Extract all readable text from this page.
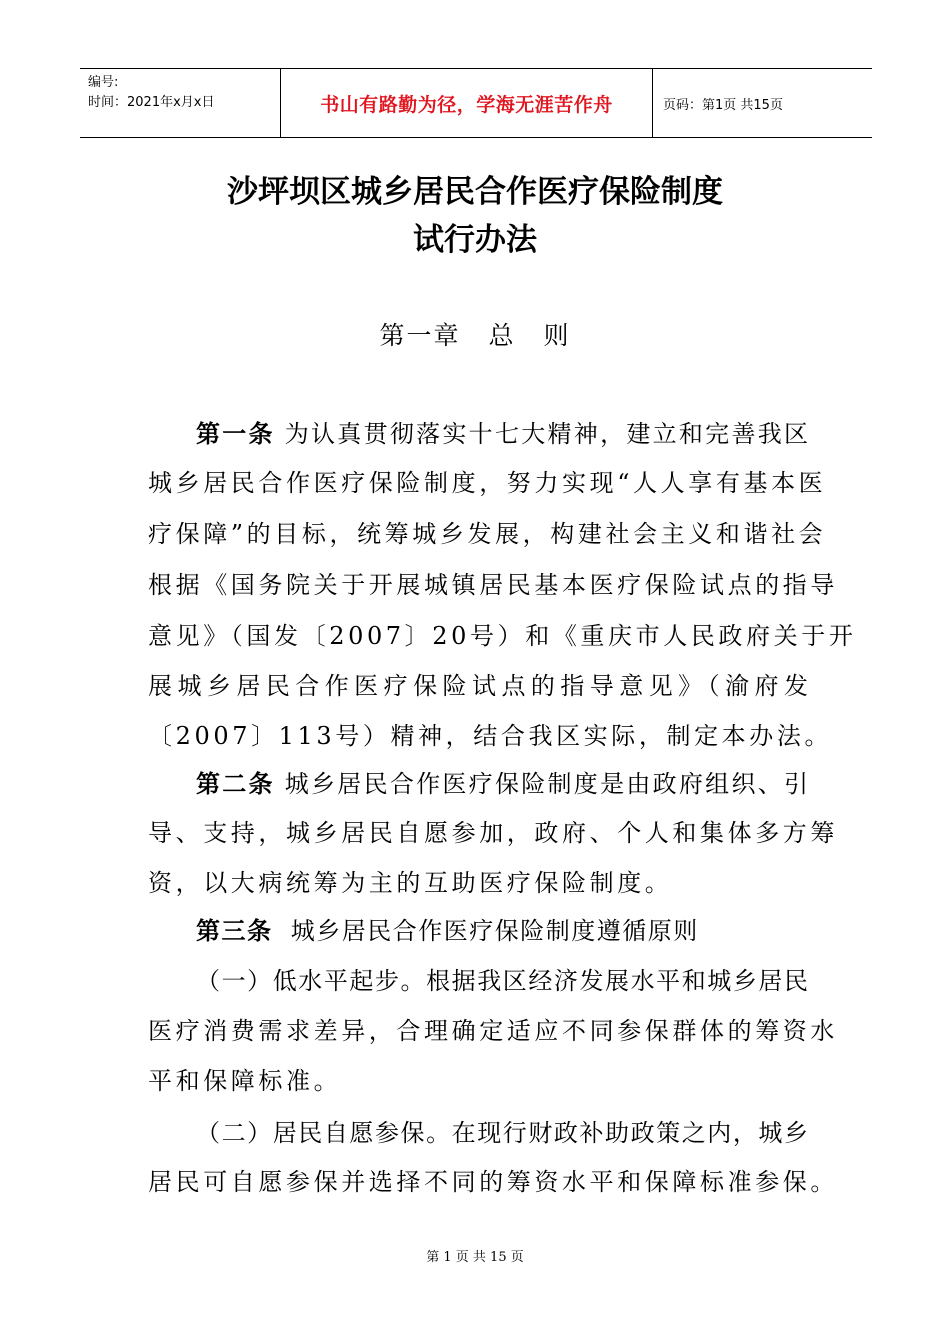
编号:
时间：2021年x月x日	书山有路勤为径，学海无涯苦作舟	页码：第1页 共15页
沙坪坝区城乡居民合作医疗保险制度
试行办法
第一章 总 则
第一条 为认真贯彻落实十七大精神，建立和完善我区
城乡居民合作医疗保险制度，努力实现“人人享有基本医
疗保障”的目标，统筹城乡发展，构建社会主义和谐社会
根据《国务院关于开展城镇居民基本医疗保险试点的指导
意见》（国发〔2007〕20号）和《重庆市人民政府关于开
展城乡居民合作医疗保险试点的指导意见》（渝府发
〔2007〕113号）精神，结合我区实际，制定本办法。
第二条 城乡居民合作医疗保险制度是由政府组织、引
导、支持，城乡居民自愿参加，政府、个人和集体多方筹
资，以大病统筹为主的互助医疗保险制度。
第三条 城乡居民合作医疗保险制度遵循原则
（一）低水平起步。根据我区经济发展水平和城乡居民
医疗消费需求差异，合理确定适应不同参保群体的筹资水
平和保障标准。
（二）居民自愿参保。在现行财政补助政策之内，城乡
居民可自愿参保并选择不同的筹资水平和保障标准参保。
第 1 页 共 15 页
